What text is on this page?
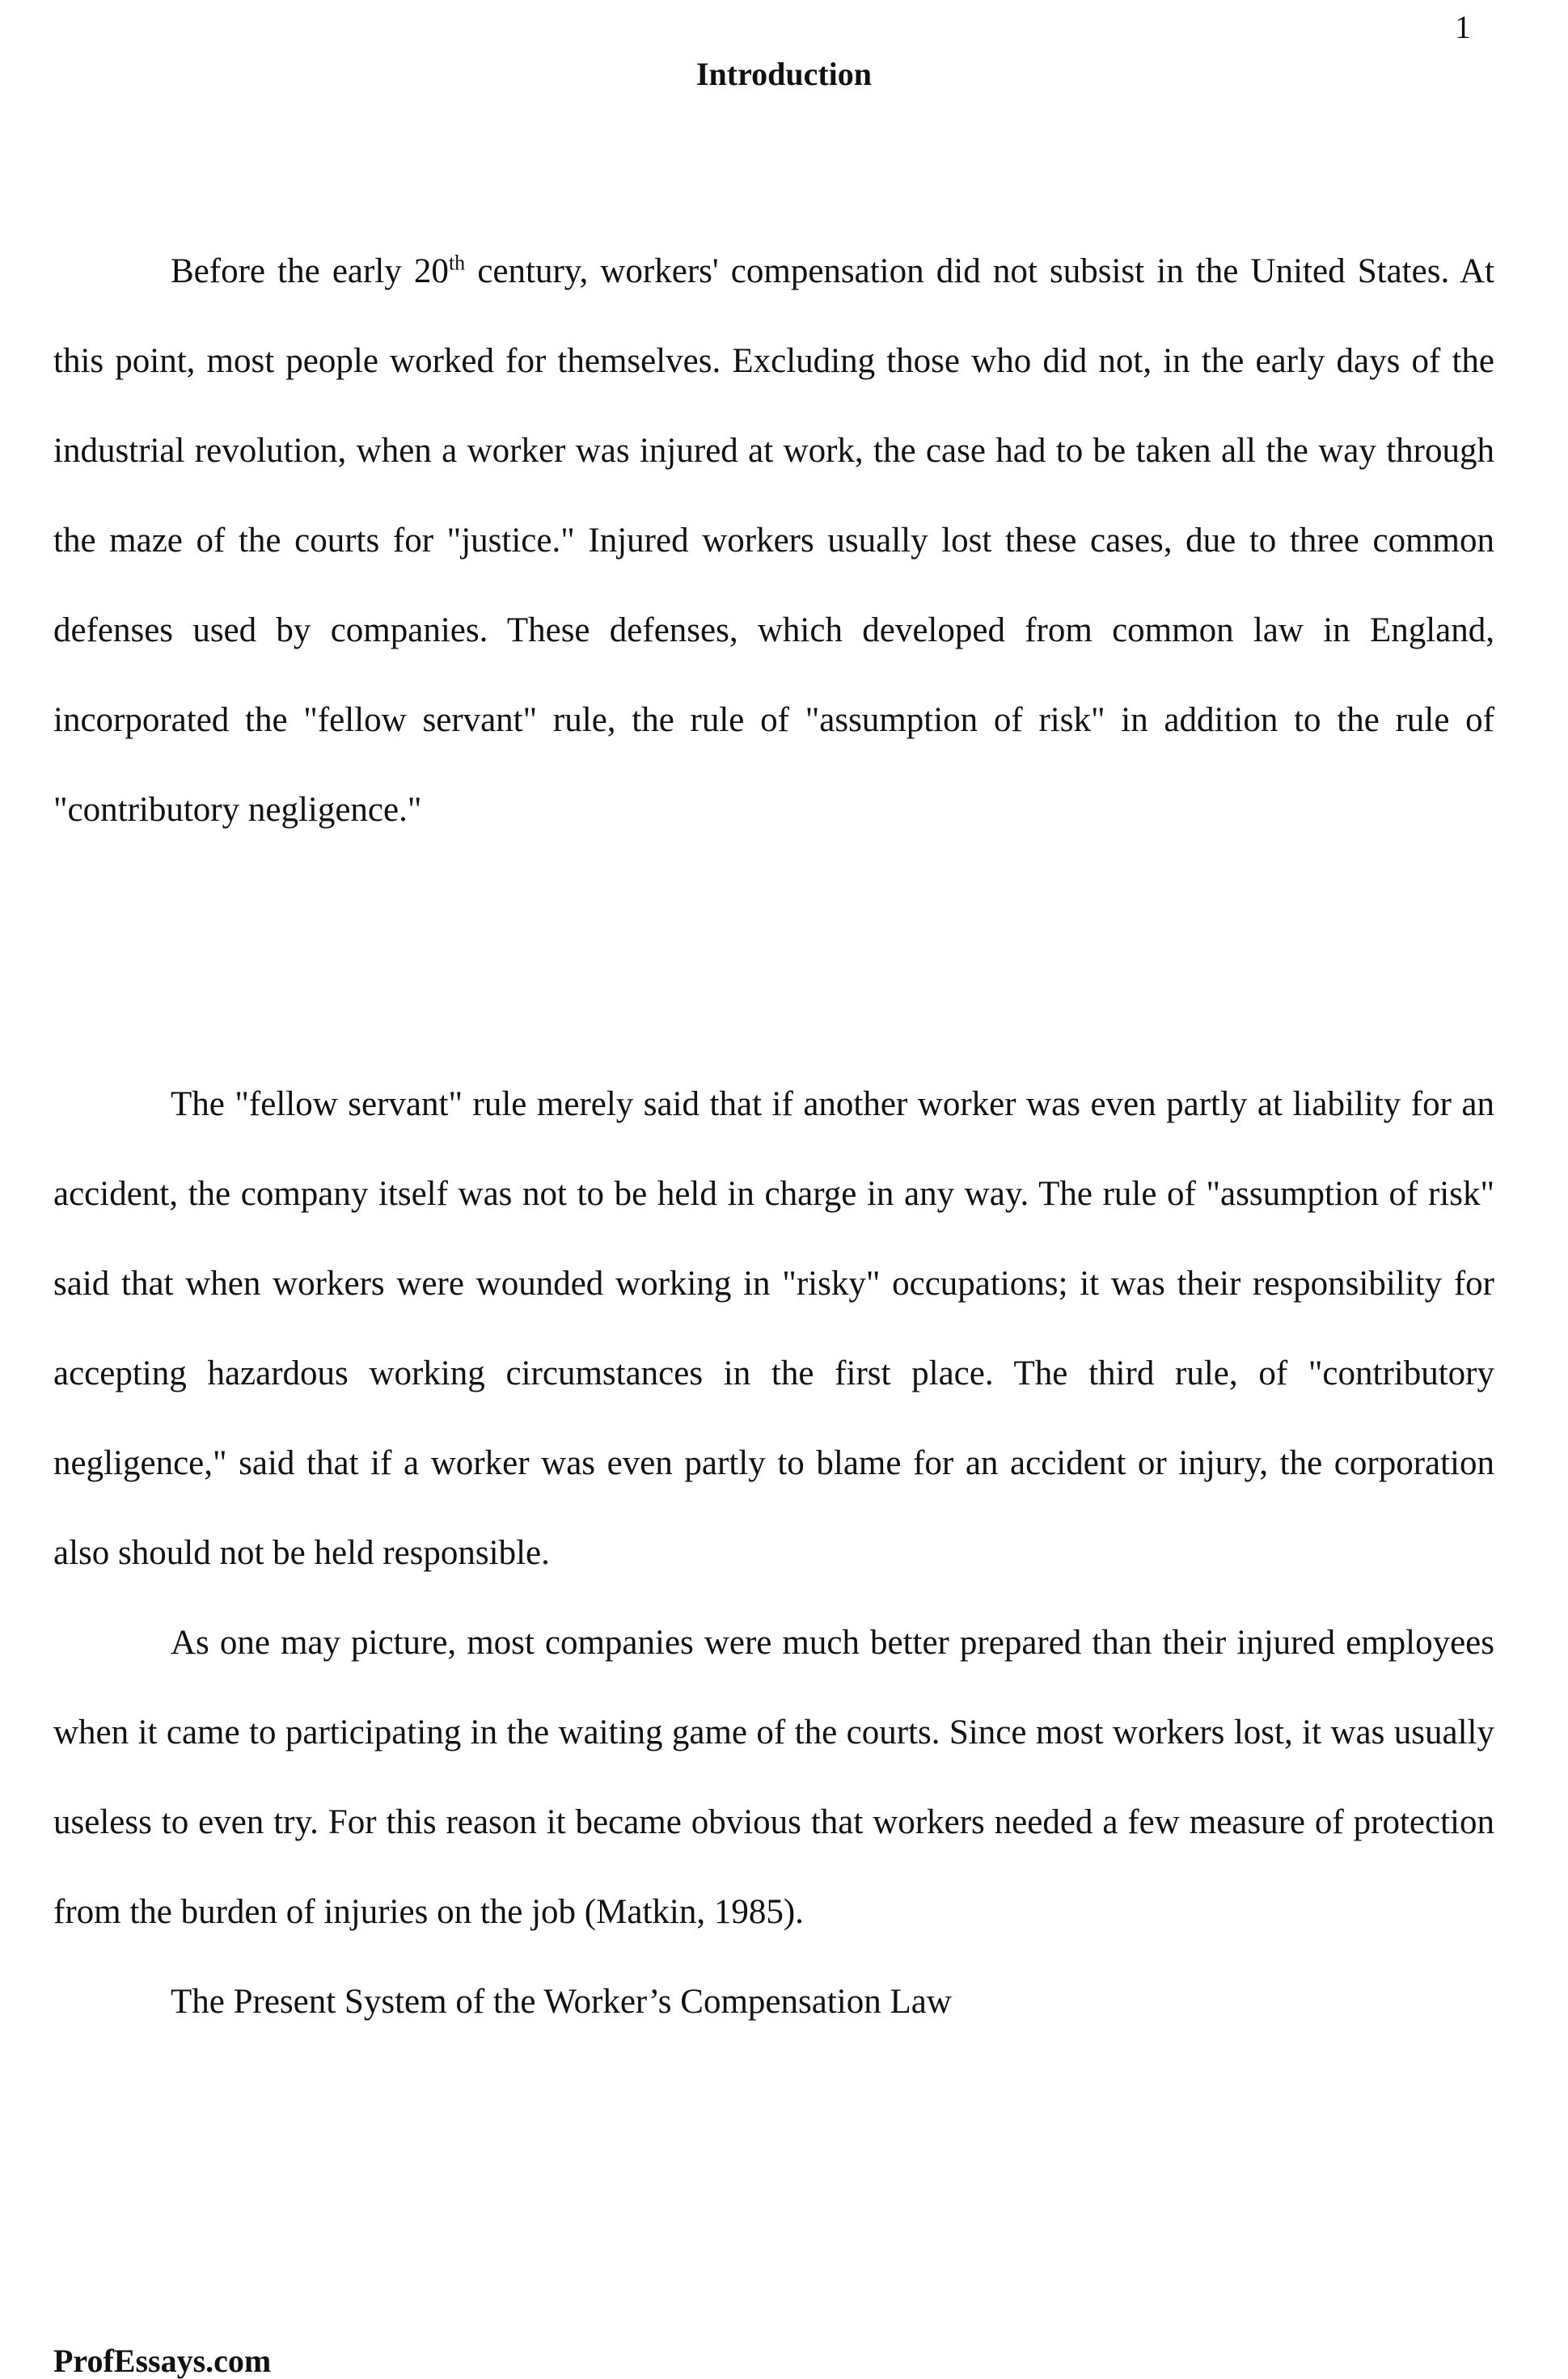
1
Introduction

Before the early 20th century, workers' compensation did not subsist in the United States. At this point, most people worked for themselves. Excluding those who did not, in the early days of the industrial revolution, when a worker was injured at work, the case had to be taken all the way through the maze of the courts for "justice." Injured workers usually lost these cases, due to three common defenses used by companies. These defenses, which developed from common law in England, incorporated the "fellow servant" rule, the rule of "assumption of risk" in addition to the rule of "contributory negligence."

The "fellow servant" rule merely said that if another worker was even partly at liability for an accident, the company itself was not to be held in charge in any way. The rule of "assumption of risk" said that when workers were wounded working in "risky" occupations; it was their responsibility for accepting hazardous working circumstances in the first place. The third rule, of "contributory negligence," said that if a worker was even partly to blame for an accident or injury, the corporation also should not be held responsible.

As one may picture, most companies were much better prepared than their injured employees when it came to participating in the waiting game of the courts. Since most workers lost, it was usually useless to even try. For this reason it became obvious that workers needed a few measure of protection from the burden of injuries on the job (Matkin, 1985).

The Present System of the Worker’s Compensation Law

ProfEssays.com
